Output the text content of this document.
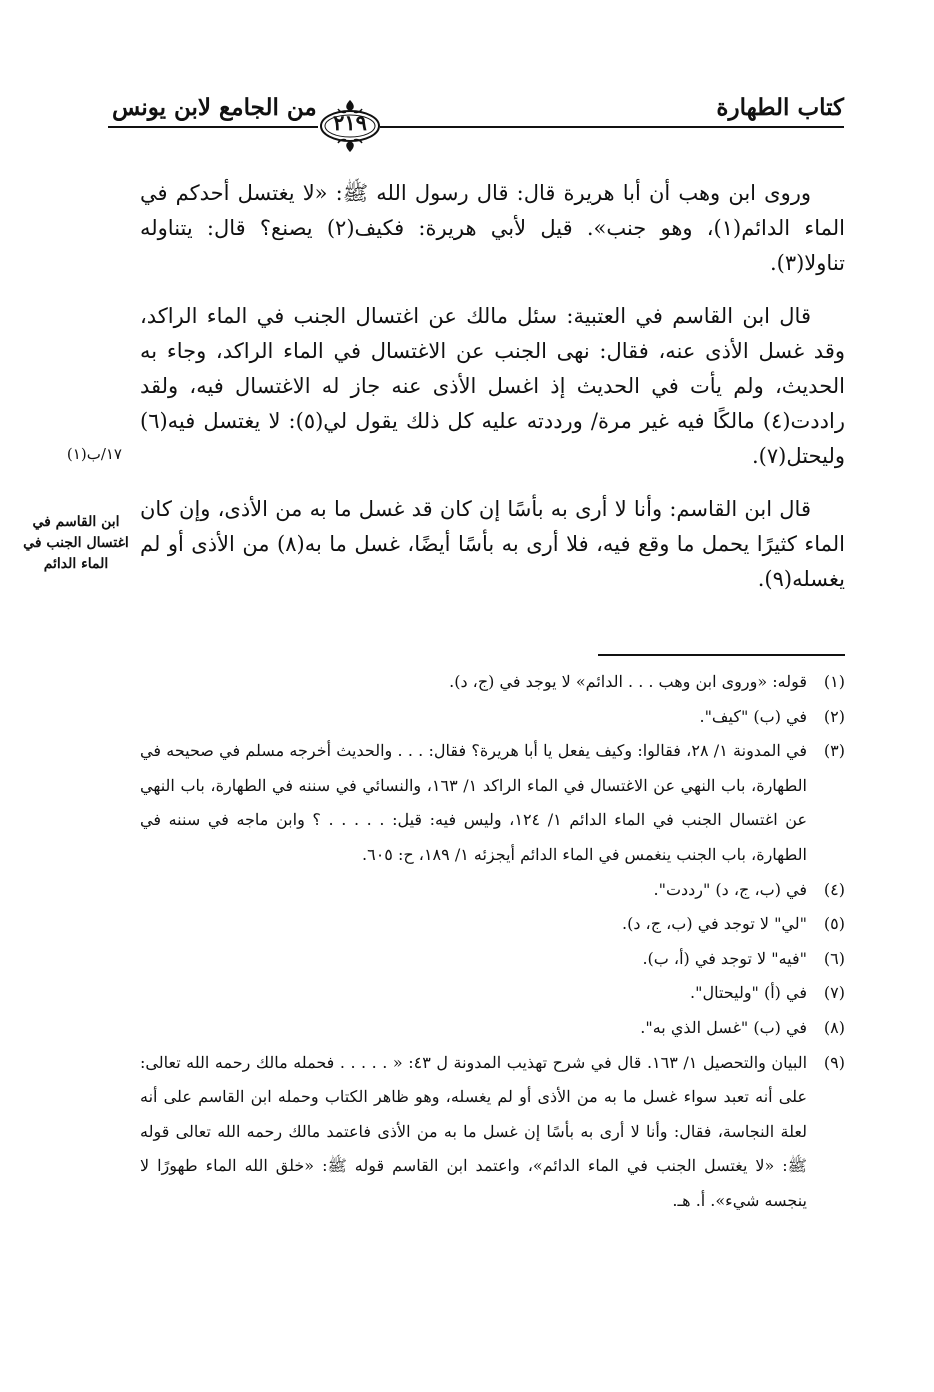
كتاب الطهارة
من الجامع لابن يونس
٢١٩

وروى ابن وهب أن أبا هريرة قال: قال رسول الله ﷺ: «لا يغتسل أحدكم في الماء الدائم(١)، وهو جنب». قيل لأبي هريرة: فكيف(٢) يصنع؟ قال: يتناوله تناولا(٣).

قال ابن القاسم في العتبية: سئل مالك عن اغتسال الجنب في الماء الراكد، وقد غسل الأذى عنه، فقال: نهى الجنب عن الاغتسال في الماء الراكد، وجاء به الحديث، ولم يأت في الحديث إذ اغسل الأذى عنه جاز له الاغتسال فيه، ولقد راددت(٤) مالكًا فيه غير مرة/ ورددته عليه كل ذلك يقول لي(٥): لا يغتسل فيه(٦) وليحتل(٧).

قال ابن القاسم: وأنا لا أرى به بأسًا إن كان قد غسل ما به من الأذى، وإن كان الماء كثيرًا يحمل ما وقع فيه، فلا أرى به بأسًا أيضًا، غسل ما به(٨) من الأذى أو لم يغسله(٩).

١٧/ب(١)
ابن القاسم في اغتسال الجنب في الماء الدائم
(١)
قوله: «وروى ابن وهب . . . الدائم» لا يوجد في (ج، د).
(٢)
في (ب) "كيف".
(٣)
في المدونة ١/ ٢٨، فقالوا: وكيف يفعل يا أبا هريرة؟ فقال: . . . والحديث أخرجه مسلم في صحيحه في الطهارة، باب النهي عن الاغتسال في الماء الراكد ١/ ١٦٣، والنسائي في سننه في الطهارة، باب النهي عن اغتسال الجنب في الماء الدائم ١/ ١٢٤، وليس فيه: قيل: . . . . . ؟ وابن ماجه في سننه في الطهارة، باب الجنب ينغمس في الماء الدائم أيجزئه ١/ ١٨٩، ح: ٦٠٥.
(٤)
في (ب، ج، د) "رددت".
(٥)
"لي" لا توجد في (ب، ج، د).
(٦)
"فيه" لا توجد في (أ، ب).
(٧)
في (أ) "وليحتال".
(٨)
في (ب) "غسل الذي به".
(٩)
البيان والتحصيل ١/ ١٦٣. قال في شرح تهذيب المدونة ل ٤٣: « . . . . . فحمله مالك رحمه الله تعالى: على أنه تعبد سواء غسل ما به من الأذى أو لم يغسله، وهو ظاهر الكتاب وحمله ابن القاسم على أنه لعلة النجاسة، فقال: وأنا لا أرى به بأسًا إن غسل ما به من الأذى فاعتمد مالك رحمه الله تعالى قوله ﷺ: «لا يغتسل الجنب في الماء الدائم»، واعتمد ابن القاسم قوله ﷺ: «خلق الله الماء طهورًا لا ينجسه شيء». أ. هـ.
